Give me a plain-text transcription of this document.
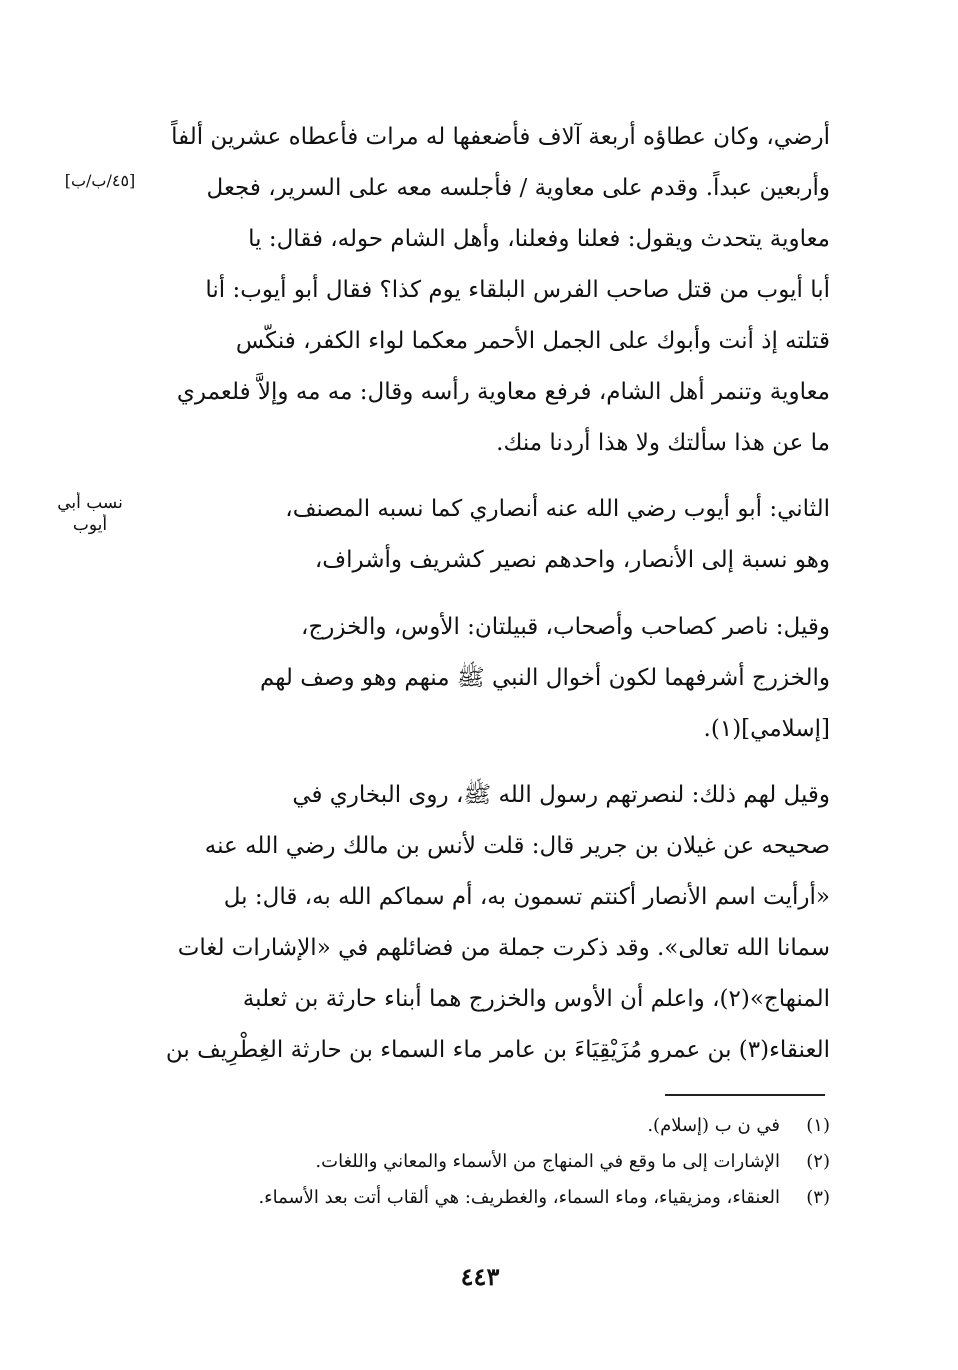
[٤٥/ب/ب]
نسب أبي
أيوب
أرضي، وكان عطاؤه أربعة آلاف فأضعفها له مرات فأعطاه عشرين ألفاً
وأربعين عبداً. وقدم على معاوية / فأجلسه معه على السرير، فجعل
معاوية يتحدث ويقول: فعلنا وفعلنا، وأهل الشام حوله، فقال: يا
أبا أيوب من قتل صاحب الفرس البلقاء يوم كذا؟ فقال أبو أيوب: أنا
قتلته إذ أنت وأبوك على الجمل الأحمر معكما لواء الكفر، فنكّس
معاوية وتنمر أهل الشام، فرفع معاوية رأسه وقال: مه مه وإلاَّ فلعمري
ما عن هذا سألتك ولا هذا أردنا منك.
الثاني: أبو أيوب رضي الله عنه أنصاري كما نسبه المصنف،
وهو نسبة إلى الأنصار، واحدهم نصير كشريف وأشراف،
وقيل: ناصر كصاحب وأصحاب، قبيلتان: الأوس، والخزرج،
والخزرج أشرفهما لكون أخوال النبي ﷺ منهم وهو وصف لهم
[إسلامي](١).
وقيل لهم ذلك: لنصرتهم رسول الله ﷺ، روى البخاري في
صحيحه عن غيلان بن جرير قال: قلت لأنس بن مالك رضي الله عنه
«أرأيت اسم الأنصار أكنتم تسمون به، أم سماكم الله به، قال: بل
سمانا الله تعالى». وقد ذكرت جملة من فضائلهم في «الإشارات لغات
المنهاج»(٢)، واعلم أن الأوس والخزرج هما أبناء حارثة بن ثعلبة
العنقاء(٣) بن عمرو مُزَيْقِيَاءَ بن عامر ماء السماء بن حارثة الغِطْرِيف بن
(١)في ن ب (إسلام).
(٢)الإشارات إلى ما وقع في المنهاج من الأسماء والمعاني واللغات.
(٣)العنقاء، ومزيقياء، وماء السماء، والغطريف: هي ألقاب أتت بعد الأسماء.
٤٤٣
